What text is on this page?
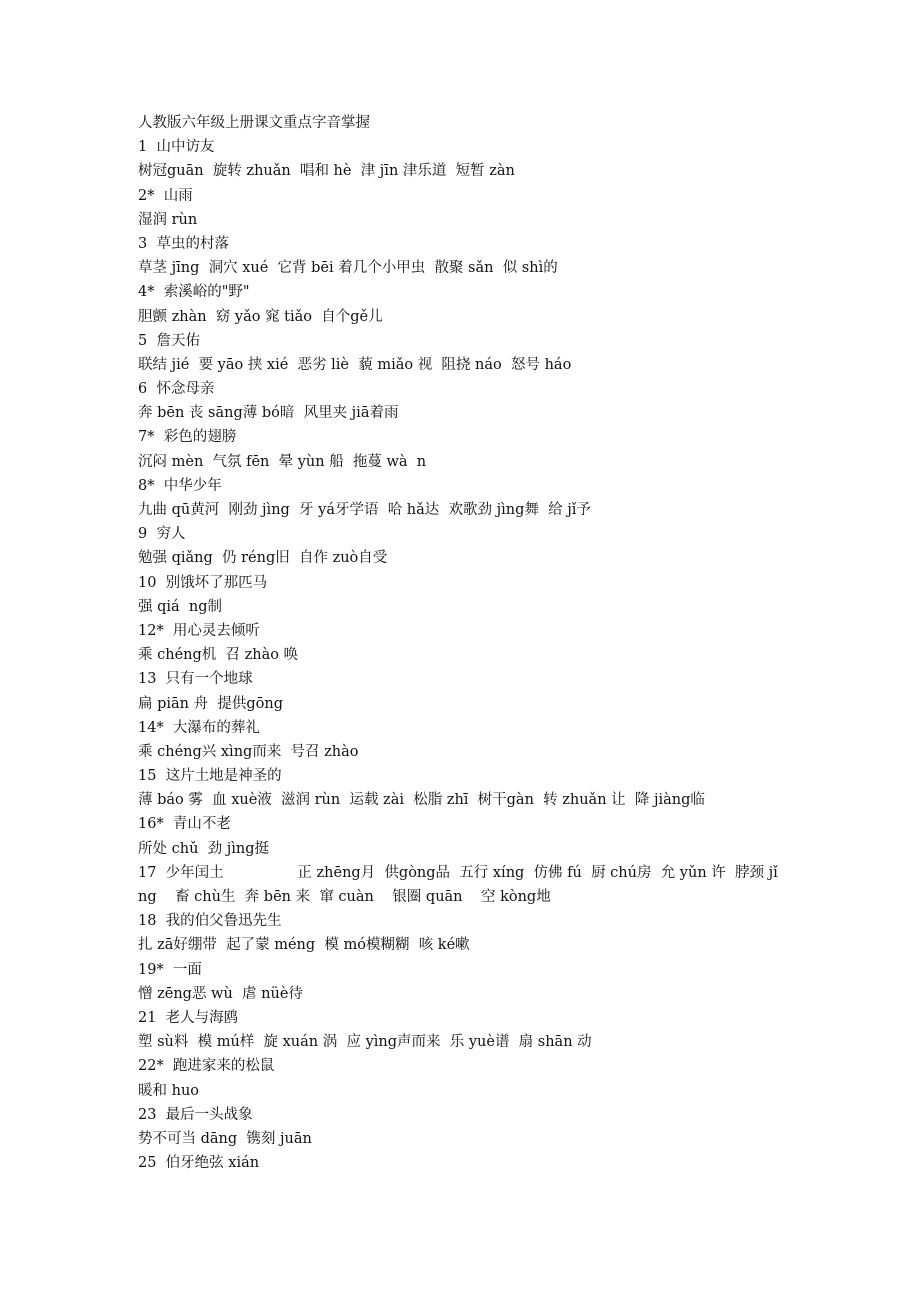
人教版六年级上册课文重点字音掌握
1  山中访友
树冠guān  旋转 zhuǎn  唱和 hè  津 jīn 津乐道  短暂 zàn
2*  山雨
湿润 rùn
3  草虫的村落
草茎 jīng  洞穴 xué  它背 bēi 着几个小甲虫  散聚 sǎn  似 shì的
4*  索溪峪的"野"
胆颤 zhàn  窈 yǎo 窕 tiǎo  自个gě儿
5  詹天佑
联结 jié  要 yāo 挟 xié  恶劣 liè  藐 miǎo 视  阻挠 náo  怒号 háo
6  怀念母亲
奔 bēn 丧 sāng薄 bó暗  风里夹 jiā着雨
7*  彩色的翅膀
沉闷 mèn  气氛 fēn  晕 yùn 船  拖蔓 wà  n
8*  中华少年
九曲 qū黄河  刚劲 jìng  牙 yá牙学语  哈 hǎ达  欢歌劲 jìng舞  给 jǐ予
9  穷人
勉强 qiǎng  仍 réng旧  自作 zuò自受
10  别饿坏了那匹马
强 qiá  ng制
12*  用心灵去倾听
乘 chéng机  召 zhào 唤
13  只有一个地球
扁 piān 舟  提供gōng
14*  大瀑布的葬礼
乘 chéng兴 xìng而来  号召 zhào
15  这片土地是神圣的
薄 báo 雾  血 xuè液  滋润 rùn  运载 zài  松脂 zhī  树干gàn  转 zhuǎn 让  降 jiàng临
16*  青山不老
所处 chǔ  劲 jìng挺
17  少年闰土                正 zhēng月  供gòng品  五行 xíng  仿佛 fú  厨 chú房  允 yǔn 许  脖颈 jǐ
ng    畜 chù生  奔 bēn 来  窜 cuàn    银圈 quān    空 kòng地
18  我的伯父鲁迅先生
扎 zā好绷带  起了蒙 méng  模 mó模糊糊  咳 ké嗽
19*  一面
憎 zēng恶 wù  虐 nüè待
21  老人与海鸥
塑 sù料  模 mú样  旋 xuán 涡  应 yìng声而来  乐 yuè谱  扇 shān 动
22*  跑进家来的松鼠
暖和 huo
23  最后一头战象
势不可当 dāng  镌刻 juān
25  伯牙绝弦 xián
